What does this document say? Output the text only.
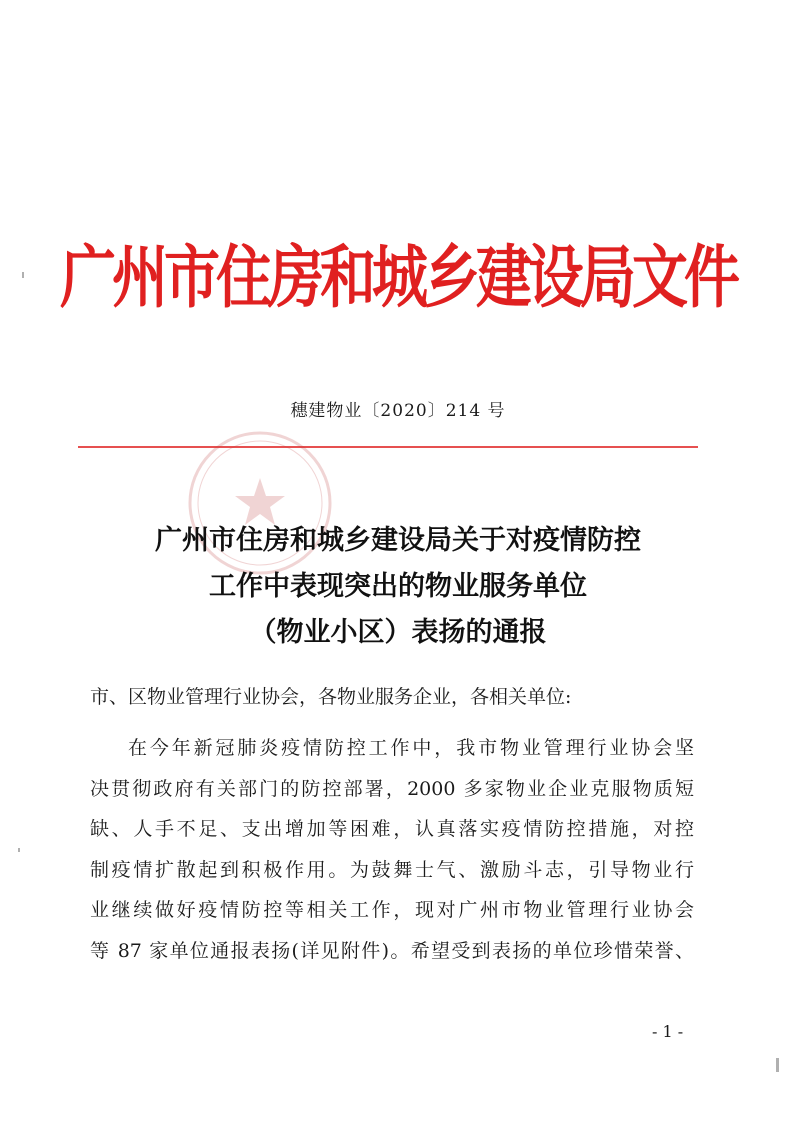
广州市住房和城乡建设局文件
穗建物业〔2020〕214 号
广州市住房和城乡建设局关于对疫情防控
工作中表现突出的物业服务单位
（物业小区）表扬的通报
市、区物业管理行业协会，各物业服务企业，各相关单位:
在今年新冠肺炎疫情防控工作中，我市物业管理行业协会坚
决贯彻政府有关部门的防控部署，2000 多家物业企业克服物质短
缺、人手不足、支出增加等困难，认真落实疫情防控措施，对控
制疫情扩散起到积极作用。为鼓舞士气、激励斗志，引导物业行
业继续做好疫情防控等相关工作，现对广州市物业管理行业协会
等 87 家单位通报表扬(详见附件)。希望受到表扬的单位珍惜荣誉、
- 1 -
